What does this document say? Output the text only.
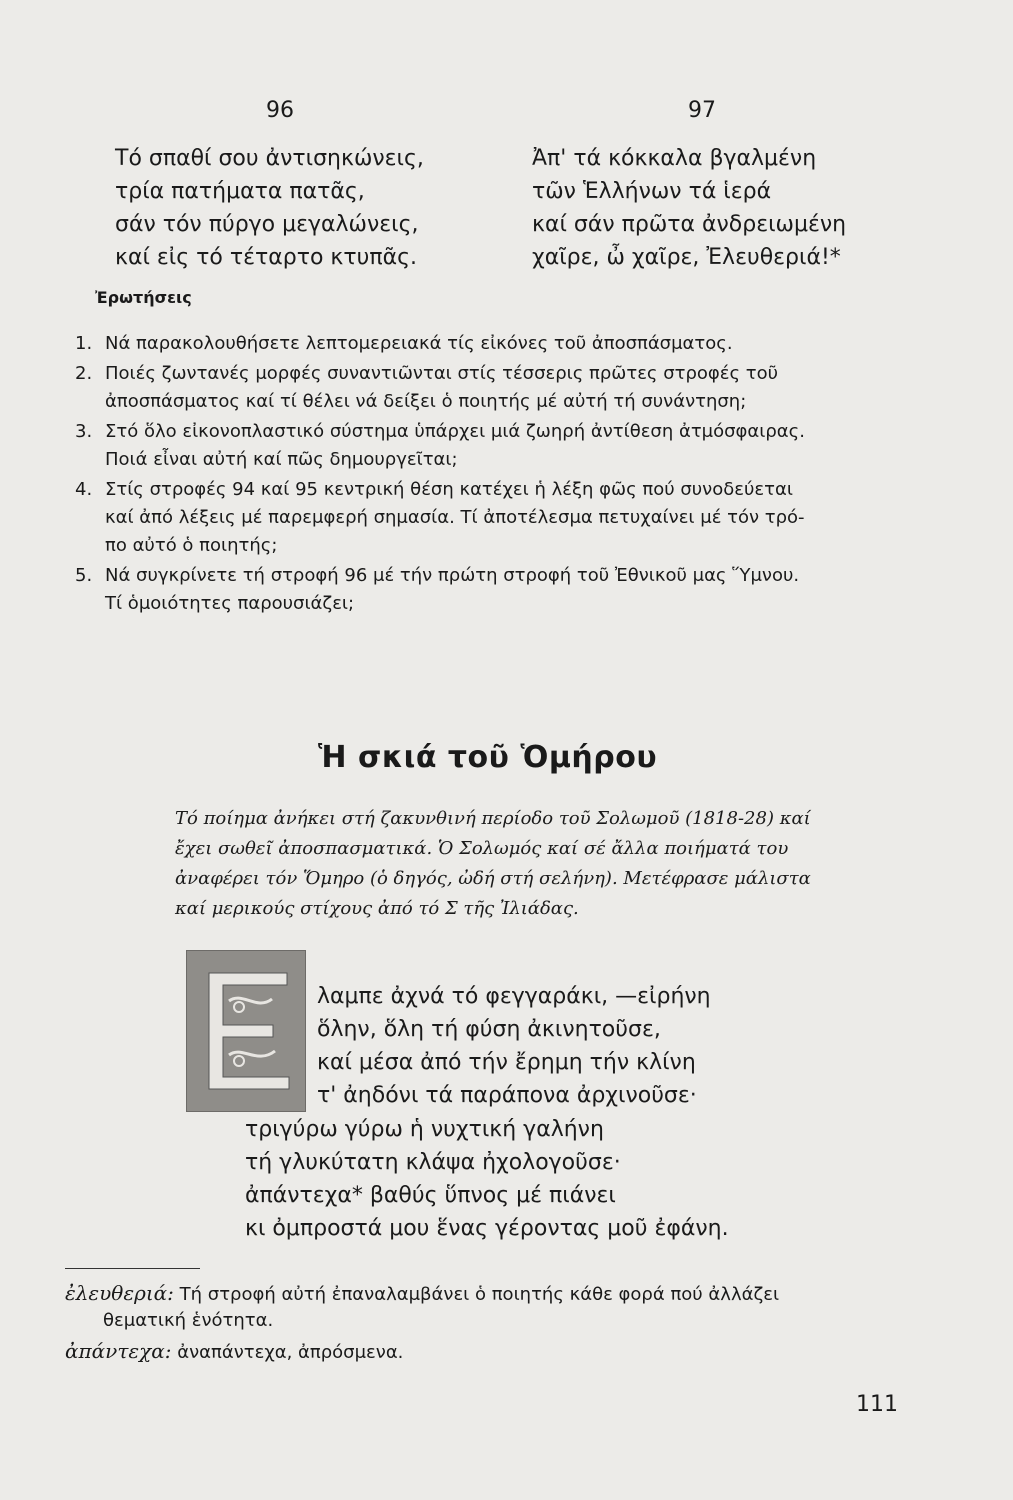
96
Τό σπαθί σου ἀντισηκώνεις,
τρία πατήματα πατᾶς,
σάν τόν πύργο μεγαλώνεις,
καί εἰς τό τέταρτο κτυπᾶς.
97
Ἀπ' τά κόκκαλα βγαλμένη
τῶν Ἑλλήνων τά ἱερά
καί σάν πρῶτα ἀνδρειωμένη
χαῖρε, ὦ χαῖρε, Ἐλευθεριά!*
Ἐρωτήσεις
1. Νά παρακολουθήσετε λεπτομερειακά τίς εἰκόνες τοῦ ἀποσπάσματος.
2. Ποιές ζωντανές μορφές συναντιῶνται στίς τέσσερις πρῶτες στροφές τοῦ
ἀποσπάσματος καί τί θέλει νά δείξει ὁ ποιητής μέ αὐτή τή συνάντηση;
3. Στό ὅλο εἰκονοπλαστικό σύστημα ὑπάρχει μιά ζωηρή ἀντίθεση ἀτμόσφαιρας.
Ποιά εἶναι αὐτή καί πῶς δημουργεῖται;
4. Στίς στροφές 94 καί 95 κεντρική θέση κατέχει ἡ λέξη φῶς πού συνοδεύεται
καί ἀπό λέξεις μέ παρεμφερή σημασία. Τί ἀποτέλεσμα πετυχαίνει μέ τόν τρό-
πο αὐτό ὁ ποιητής;
5. Νά συγκρίνετε τή στροφή 96 μέ τήν πρώτη στροφή τοῦ Ἐθνικοῦ μας Ὕμνου.
Τί ὁμοιότητες παρουσιάζει;
Ἡ σκιά τοῦ Ὁμήρου
Τό ποίημα ἀνήκει στή ζακυνθινή περίοδο τοῦ Σολωμοῦ (1818-28) καί
ἔχει σωθεῖ ἀποσπασματικά. Ὁ Σολωμός καί σέ ἄλλα ποιήματά του
ἀναφέρει τόν Ὅμηρο (ὁ δηγός, ὠδή στή σελήνη). Μετέφρασε μάλιστα
καί μερικούς στίχους ἀπό τό Σ τῆς Ἰλιάδας.
λαμπε ἀχνά τό φεγγαράκι, —εἰρήνη
ὅλην, ὅλη τή φύση ἀκινητοῦσε,
καί μέσα ἀπό τήν ἔρημη τήν κλίνη
τ' ἀηδόνι τά παράπονα ἀρχινοῦσε·
τριγύρω γύρω ἡ νυχτική γαλήνη
τή γλυκύτατη κλάψα ἠχολογοῦσε·
ἀπάντεχα* βαθύς ὕπνος μέ πιάνει
κι ὀμπροστά μου ἕνας γέροντας μοῦ ἐφάνη.
ἐλευθεριά: Τή στροφή αὐτή ἐπαναλαμβάνει ὁ ποιητής κάθε φορά πού ἀλλάζει
θεματική ἑνότητα.
ἀπάντεχα: ἀναπάντεχα, ἀπρόσμενα.
111
